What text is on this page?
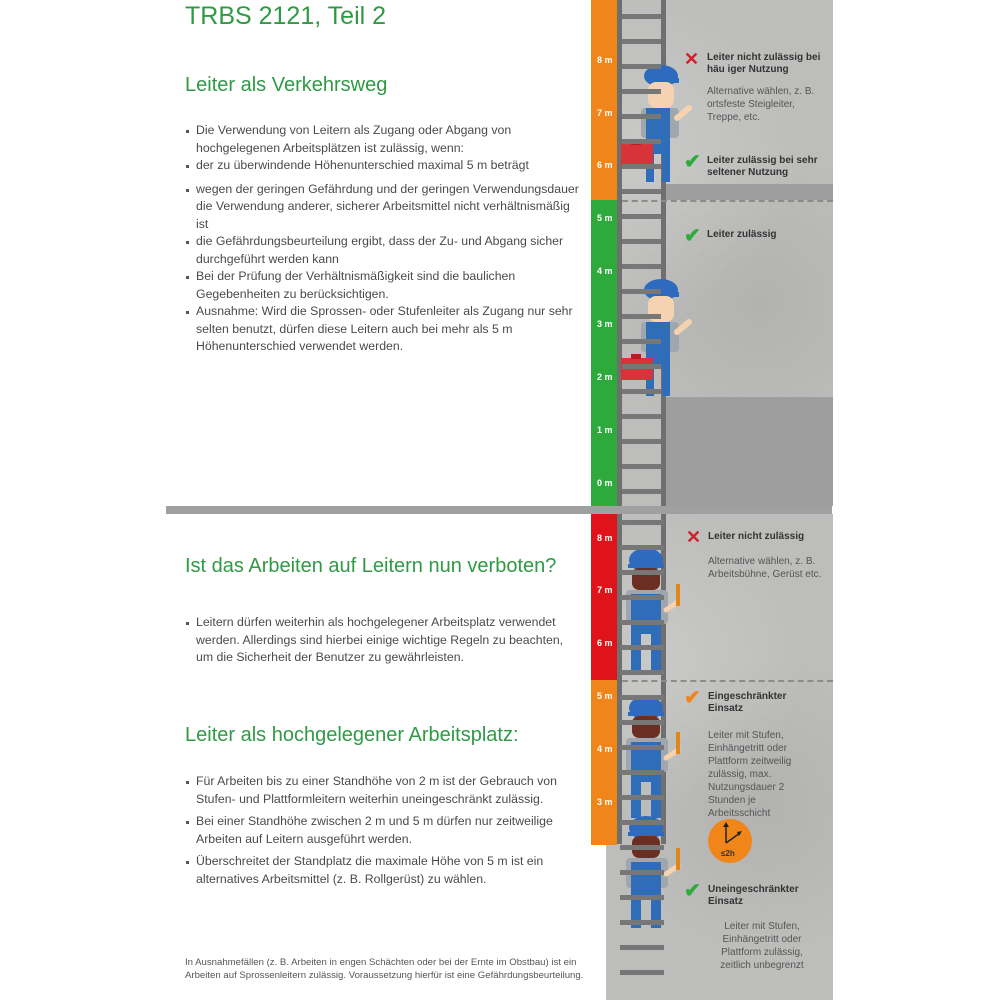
TRBS 2121, Teil 2
Leiter als Verkehrsweg
Die Verwendung von Leitern als Zugang oder Abgang von hochgelegenen Arbeitsplätzen ist zulässig, wenn:
der zu überwindende Höhenunterschied maximal 5 m beträgt
wegen der geringen Gefährdung und der geringen Verwendungsdauer die Verwendung anderer, sicherer Arbeitsmittel nicht verhältnismäßig ist
die Gefährdungsbeurteilung ergibt, dass der Zu- und Abgang sicher durchgeführt werden kann
Bei der Prüfung der Verhältnismäßigkeit sind die baulichen Gegebenheiten zu berücksichtigen.
Ausnahme: Wird die Sprossen- oder Stufenleiter als Zugang nur sehr selten benutzt, dürfen diese Leitern auch bei mehr als 5 m Höhenunterschied verwendet werden.
Ist das Arbeiten auf Leitern nun verboten?
Leitern dürfen weiterhin als hochgelegener Arbeitsplatz verwendet werden. Allerdings sind hierbei einige wichtige Regeln zu beachten, um die Sicherheit der Benutzer zu gewährleisten.
Leiter als hochgelegener Arbeitsplatz:
Für Arbeiten bis zu einer Standhöhe von 2 m ist der Gebrauch von Stufen- und Plattformleitern weiterhin uneingeschränkt zulässig.
Bei einer Standhöhe zwischen 2 m und 5 m dürfen nur zeitweilige Arbeiten auf Leitern ausgeführt werden.
Überschreitet der Standplatz die maximale Höhe von 5 m ist ein alternatives Arbeitsmittel (z. B. Rollgerüst) zu wählen.
In Ausnahmefällen (z. B. Arbeiten in engen Schächten oder bei der Ernte im Obstbau) ist ein Arbeiten auf Sprossenleitern zulässig. Voraussetzung hierfür ist eine Gefährdungsbeurteilung.
8 m
7 m
6 m
5 m
4 m
3 m
2 m
1 m
0 m
✕ Leiter nicht zulässig bei häu iger Nutzung
Alternative wählen, z. B. ortsfeste Steigleiter, Treppe, etc.
✔ Leiter zulässig bei sehr seltener Nutzung
✔ Leiter zulässig
8 m
7 m
6 m
5 m
4 m
3 m
✕ Leiter nicht zulässig
Alternative wählen, z. B. Arbeitsbühne, Gerüst etc.
✔ Eingeschränkter Einsatz
Leiter mit Stufen, Einhängetritt oder Plattform zeitweilig zulässig, max. Nutzungsdauer 2 Stunden je Arbeitsschicht
≤2h
✔ Uneingeschränkter Einsatz
Leiter mit Stufen, Einhängetritt oder Plattform zulässig, zeitlich unbegrenzt
